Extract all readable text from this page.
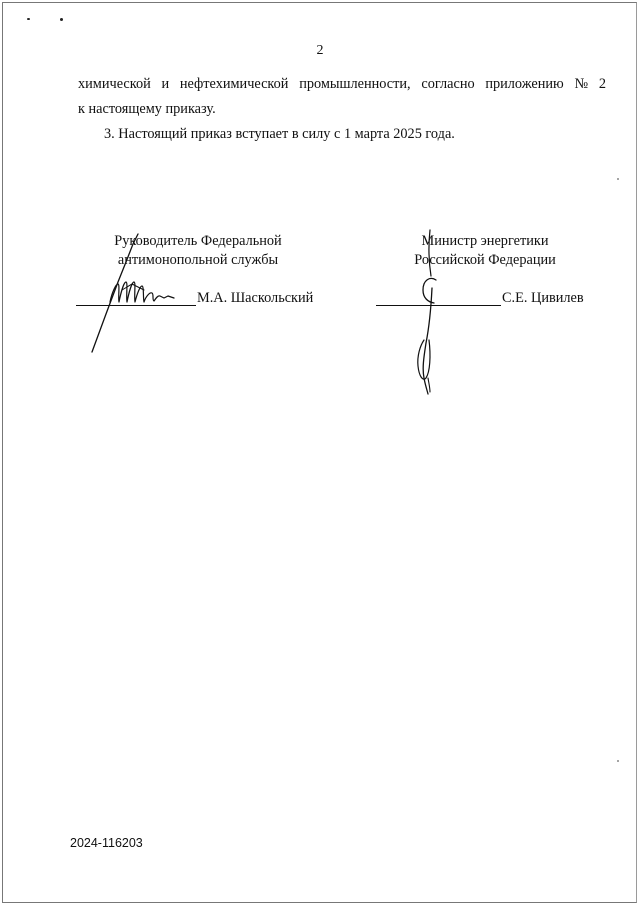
2
химической и нефтехимической промышленности, согласно приложению № 2
к настоящему приказу.
3. Настоящий приказ вступает в силу с 1 марта 2025 года.
Руководитель Федеральной
антимонопольной службы
М.А. Шаскольский
Министр энергетики
Российской Федерации
С.Е. Цивилев
2024-116203
